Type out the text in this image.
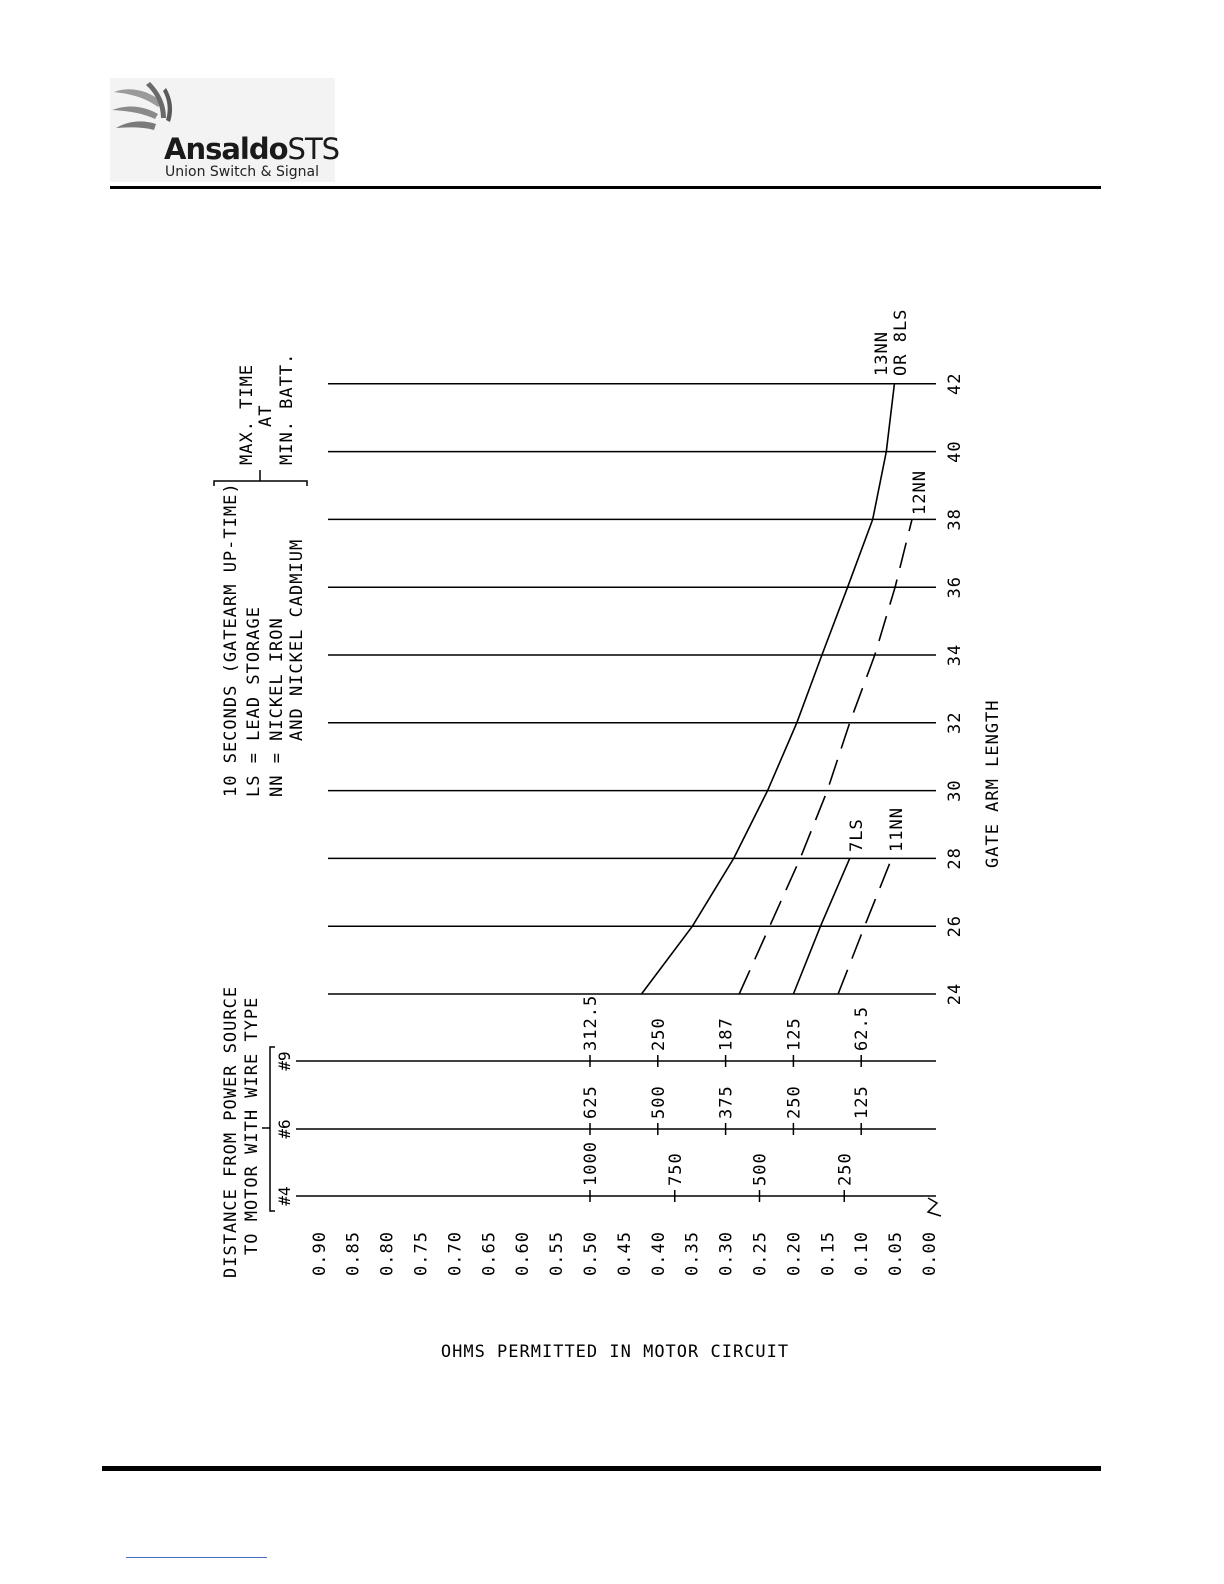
AnsaldoSTS
Union Switch & Signal
24
26
28
30
32
34
36
38
40
42
0.90 0.85 0.80 0.75 0.70 0.65 0.60 0.55 0.50 0.45 0.40 0.35 0.30 0.25 0.20 0.15 0.10 0.05 0.00
#9
312.5	250	187	125	62.5
#6
625	500	375	250	125
#4
1000	750	500	250
13NN OR 8LS
12NN
7LS 11NN	GATE ARM LENGTH
OHMS PERMITTED IN MOTOR CIRCUIT
10 SECONDS (GATEARM UP-TIME) LS = LEAD STORAGE NN = NICKEL IRON AND NICKEL CADMIUM
MAX. TIME AT MIN. BATT.
DISTANCE FROM POWER SOURCE TO MOTOR WITH WIRE TYPE
